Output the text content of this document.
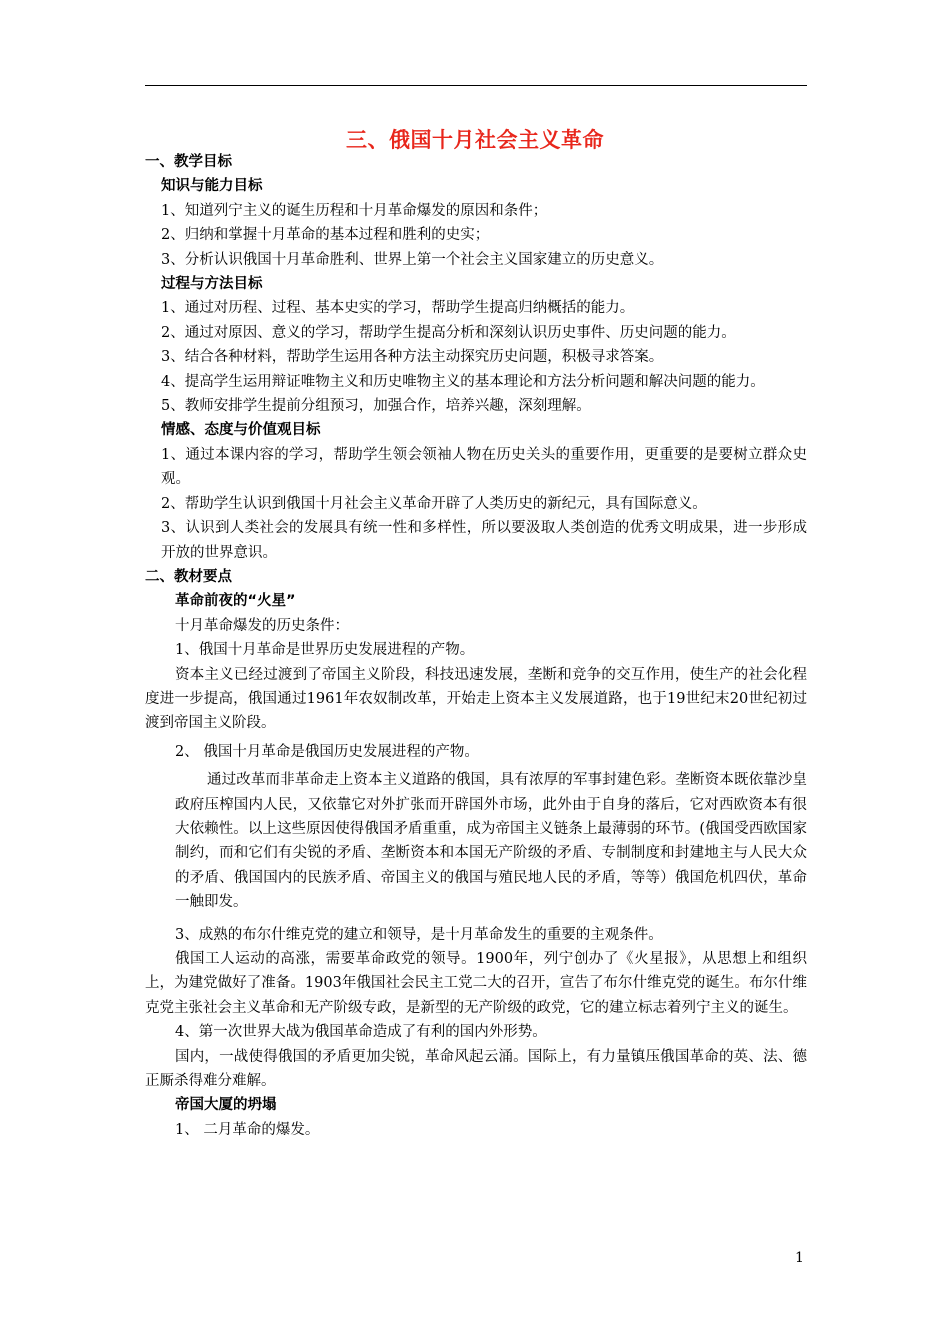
三、俄国十月社会主义革命

一、教学目标

知识与能力目标

1、知道列宁主义的诞生历程和十月革命爆发的原因和条件；

2、归纳和掌握十月革命的基本过程和胜利的史实；

3、分析认识俄国十月革命胜利、世界上第一个社会主义国家建立的历史意义。

过程与方法目标

1、通过对历程、过程、基本史实的学习，帮助学生提高归纳概括的能力。

2、通过对原因、意义的学习，帮助学生提高分析和深刻认识历史事件、历史问题的能力。

3、结合各种材料，帮助学生运用各种方法主动探究历史问题，积极寻求答案。

4、提高学生运用辩证唯物主义和历史唯物主义的基本理论和方法分析问题和解决问题的能力。

5、教师安排学生提前分组预习，加强合作，培养兴趣，深刻理解。

情感、态度与价值观目标

1、通过本课内容的学习，帮助学生领会领袖人物在历史关头的重要作用，更重要的是要树立群众史观。

2、帮助学生认识到俄国十月社会主义革命开辟了人类历史的新纪元，具有国际意义。

3、认识到人类社会的发展具有统一性和多样性，所以要汲取人类创造的优秀文明成果，进一步形成开放的世界意识。

二、教材要点

革命前夜的“火星”

十月革命爆发的历史条件：

1、俄国十月革命是世界历史发展进程的产物。

资本主义已经过渡到了帝国主义阶段，科技迅速发展，垄断和竞争的交互作用，使生产的社会化程度进一步提高，俄国通过1961年农奴制改革，开始走上资本主义发展道路，也于19世纪末20世纪初过渡到帝国主义阶段。

2、 俄国十月革命是俄国历史发展进程的产物。

通过改革而非革命走上资本主义道路的俄国，具有浓厚的军事封建色彩。垄断资本既依靠沙皇政府压榨国内人民，又依靠它对外扩张而开辟国外市场，此外由于自身的落后，它对西欧资本有很大依赖性。以上这些原因使得俄国矛盾重重，成为帝国主义链条上最薄弱的环节。(俄国受西欧国家制约，而和它们有尖锐的矛盾、垄断资本和本国无产阶级的矛盾、专制制度和封建地主与人民大众的矛盾、俄国国内的民族矛盾、帝国主义的俄国与殖民地人民的矛盾，等等）俄国危机四伏，革命一触即发。

3、成熟的布尔什维克党的建立和领导，是十月革命发生的重要的主观条件。

俄国工人运动的高涨，需要革命政党的领导。1900年，列宁创办了《火星报》，从思想上和组织上，为建党做好了准备。1903年俄国社会民主工党二大的召开，宣告了布尔什维克党的诞生。布尔什维克党主张社会主义革命和无产阶级专政，是新型的无产阶级的政党，它的建立标志着列宁主义的诞生。

4、第一次世界大战为俄国革命造成了有利的国内外形势。

国内，一战使得俄国的矛盾更加尖锐，革命风起云涌。国际上，有力量镇压俄国革命的英、法、德正厮杀得难分难解。

帝国大厦的坍塌

1、 二月革命的爆发。

1
